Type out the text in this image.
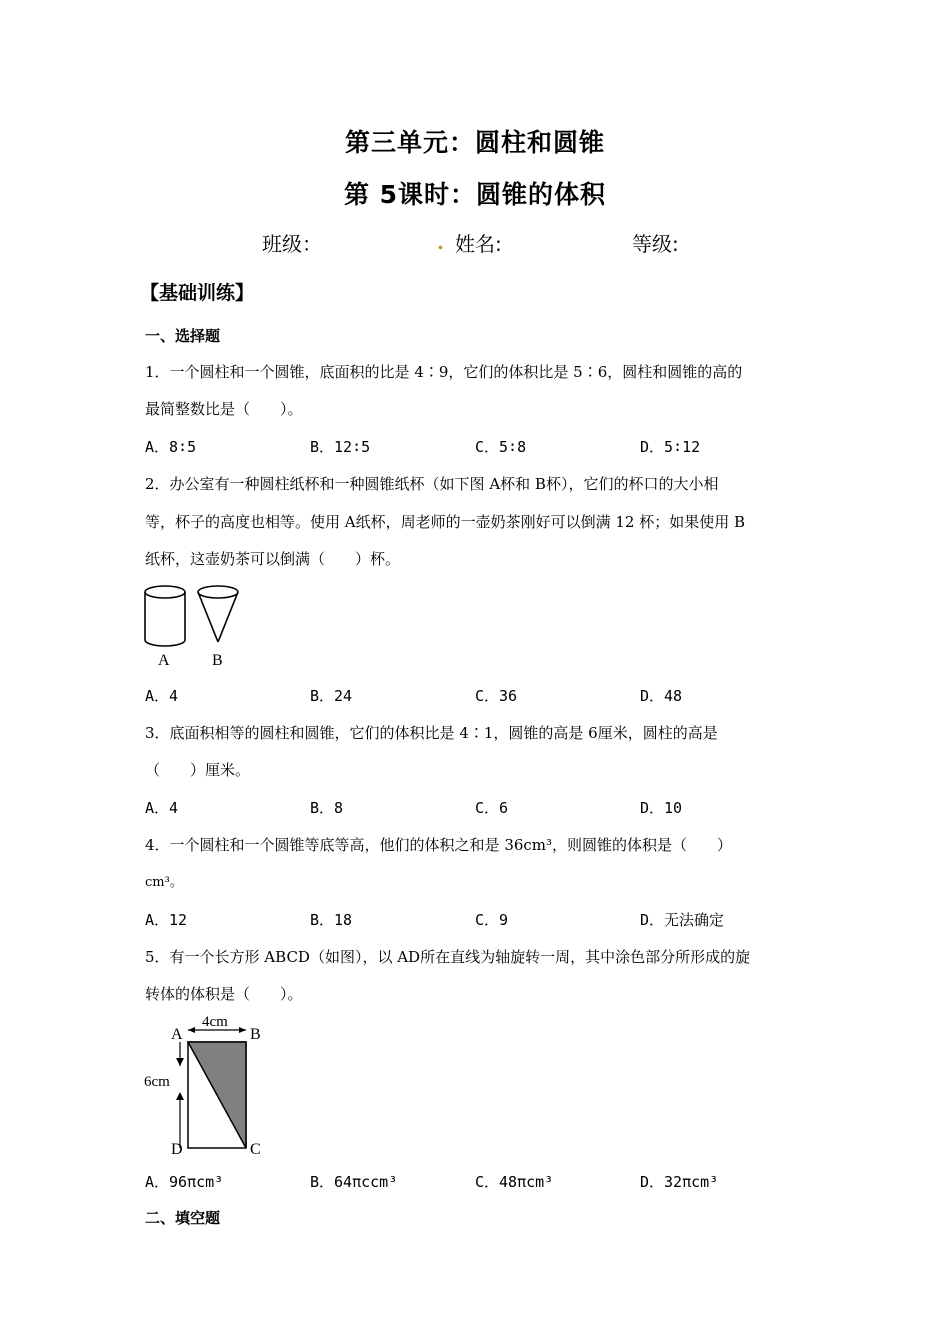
第三单元：圆柱和圆锥
第 5课时：圆锥的体积
班级：	. 姓名:	等级:
【基础训练】
一、选择题
1．一个圆柱和一个圆锥，底面积的比是 4∶9，它们的体积比是 5∶6，圆柱和圆锥的高的
最简整数比是（　　）。
A．8∶5	B．12∶5	C．5∶8	D．5∶12
2．办公室有一种圆柱纸杯和一种圆锥纸杯（如下图 A杯和 B杯），它们的杯口的大小相
等，杯子的高度也相等。使用 A纸杯，周老师的一壶奶茶刚好可以倒满 12 杯；如果使用 B
纸杯，这壶奶茶可以倒满（　　）杯。
A	B
A．4	B．24	C．36	D．48
3．底面积相等的圆柱和圆锥，它们的体积比是 4∶1，圆锥的高是 6厘米，圆柱的高是
（　　）厘米。
A．4	B．8	C．6	D．10
4．一个圆柱和一个圆锥等底等高，他们的体积之和是 36cm³，则圆锥的体积是（　　）
cm³。
A．12	B．18	C．9	D．无法确定
5．有一个长方形 ABCD（如图），以 AD所在直线为轴旋转一周，其中涂色部分所形成的旋
转体的体积是（　　）。
4cm
6cm
A	B
C
D
A．96πcm³	B．64πccm³	C．48πcm³	D．32πcm³
二、填空题
